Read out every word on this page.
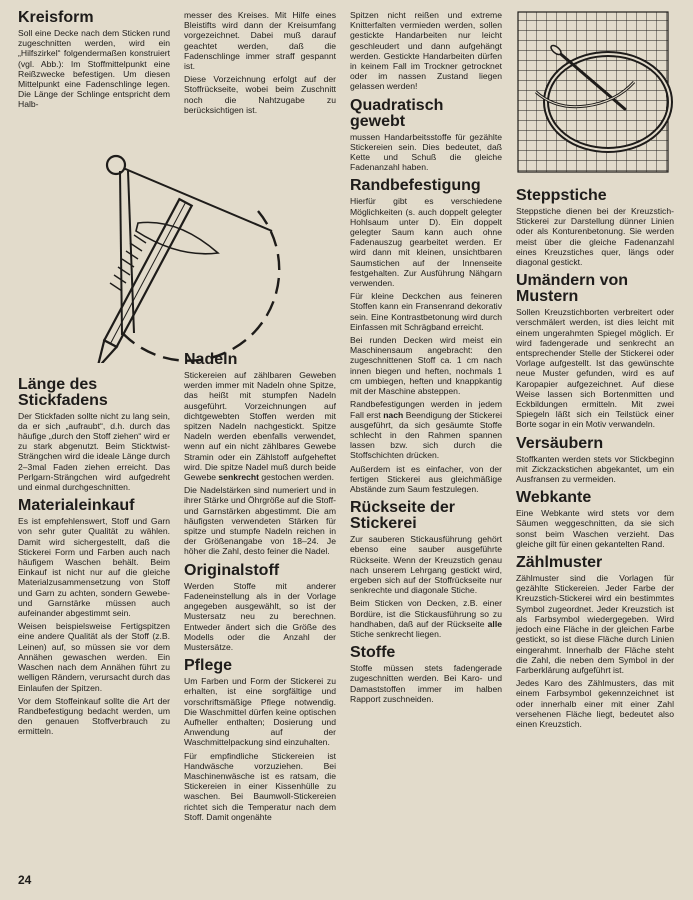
Kreisform

Soll eine Decke nach dem Sticken rund zugeschnitten werden, wird ein „Hilfszirkel“ folgendermaßen konstruiert (vgl. Abb.): Im Stoffmittelpunkt eine Reißzwecke befestigen. Um diesen Mittelpunkt eine Fadenschlinge legen. Die Länge der Schlinge entspricht dem Halb-

Länge des Stickfadens

Der Stickfaden sollte nicht zu lang sein, da er sich „aufraubt“, d.h. durch das häufige „durch den Stoff ziehen“ wird er zu stark abgenutzt. Beim Sticktwist-Strängchen wird die ideale Länge durch 2–3mal Faden ziehen erreicht. Das Perlgarn-Strängchen wird aufgedreht und einmal durchgeschnitten.

Materialeinkauf

Es ist empfehlenswert, Stoff und Garn von sehr guter Qualität zu wählen. Damit wird sichergestellt, daß die Stickerei Form und Farben auch nach häufigem Waschen behält. Beim Einkauf ist nicht nur auf die gleiche Materialzusammensetzung von Stoff und Garn zu achten, sondern Gewebe- und Garnstärke müssen auch aufeinander abgestimmt sein.

Weisen beispielsweise Fertigspitzen eine andere Qualität als der Stoff (z.B. Leinen) auf, so müssen sie vor dem Annähen gewaschen werden. Ein Waschen nach dem Annähen führt zu welligen Rändern, verursacht durch das Einlaufen der Spitzen.

Vor dem Stoffeinkauf sollte die Art der Randbefestigung bedacht werden, um den genauen Stoffverbrauch zu ermitteln.

messer des Kreises. Mit Hilfe eines Bleistifts wird dann der Kreisumfang vorgezeichnet. Dabei muß darauf geachtet werden, daß die Fadenschlinge immer straff gespannt ist.

Diese Vorzeichnung erfolgt auf der Stoffrückseite, wobei beim Zuschnitt noch die Nahtzugabe zu berücksichtigen ist.

Nadeln

Stickereien auf zählbaren Geweben werden immer mit Nadeln ohne Spitze, das heißt mit stumpfen Nadeln ausgeführt. Vorzeichnungen auf dichtgewebten Stoffen werden mit spitzen Nadeln nachgestickt. Spitze Nadeln werden ebenfalls verwendet, wenn auf ein nicht zählbares Gewebe Stramin oder ein Zählstoff aufgeheftet wird. Die spitze Nadel muß durch beide Gewebe senkrecht gestochen werden.

Die Nadelstärken sind numeriert und in ihrer Stärke und Öhrgröße auf die Stoff- und Garnstärken abgestimmt. Die am häufigsten verwendeten Stärken für spitze und stumpfe Nadeln reichen in der Größenangabe von 18–24. Je höher die Zahl, desto feiner die Nadel.

Originalstoff

Werden Stoffe mit anderer Fadeneinstellung als in der Vorlage angegeben ausgewählt, so ist der Mustersatz neu zu berechnen. Entweder ändert sich die Größe des Modells oder die Anzahl der Mustersätze.

Pflege

Um Farben und Form der Stickerei zu erhalten, ist eine sorgfältige und vorschriftsmäßige Pflege notwendig. Die Waschmittel dürfen keine optischen Aufheller enthalten; Dosierung und Anwendung auf der Waschmittelpackung sind einzuhalten.

Für empfindliche Stickereien ist Handwäsche vorzuziehen. Bei Maschinenwäsche ist es ratsam, die Stickereien in einer Kissenhülle zu waschen. Bei Baumwoll-Stickereien richtet sich die Temperatur nach dem Stoff. Damit ongenähte

Spitzen nicht reißen und extreme Knitterfalten vermieden werden, sollen gestickte Handarbeiten nur leicht geschleudert und dann aufgehängt werden. Gestickte Handarbeiten dürfen in keinem Fall im Trockner getrocknet oder im nassen Zustand liegen gelassen werden!

Quadratisch gewebt

mussen Handarbeitsstoffe für gezählte Stickereien sein. Dies bedeutet, daß Kette und Schuß die gleiche Fadenanzahl haben.

Randbefestigung

Hierfür gibt es verschiedene Möglichkeiten (s. auch doppelt gelegter Hohlsaum unter D). Ein doppelt gelegter Saum kann auch ohne Fadenauszug gearbeitet werden. Er wird dann mit kleinen, unsichtbaren Saumstichen auf der Innenseite festgehalten. Zur Ausführung Nähgarn verwenden.

Für kleine Deckchen aus feineren Stoffen kann ein Fransenrand dekorativ sein. Eine Kontrastbetonung wird durch Einfassen mit Schrägband erreicht.

Bei runden Decken wird meist ein Maschinensaum angebracht: den zugeschnittenen Stoff ca. 1 cm nach innen biegen und heften, nochmals 1 cm umbiegen, heften und knappkantig mit der Maschine absteppen.

Randbefestigungen werden in jedem Fall erst nach Beendigung der Stickerei ausgeführt, da sich gesäumte Stoffe schlecht in den Rahmen spannen lassen bzw. sich durch die Stoffschichten drücken.

Außerdem ist es einfacher, von der fertigen Stickerei aus gleichmäßige Abstände zum Saum festzulegen.

Rückseite der Stickerei

Zur sauberen Stickausführung gehört ebenso eine sauber ausgeführte Rückseite. Wenn der Kreuzstich genau nach unserem Lehrgang gestickt wird, ergeben sich auf der Stoffrückseite nur senkrechte und diagonale Stiche.

Beim Sticken von Decken, z.B. einer Bordüre, ist die Stickausführung so zu handhaben, daß auf der Rückseite alle Stiche senkrecht liegen.

Stoffe

Stoffe müssen stets fadengerade zugeschnitten werden. Bei Karo- und Damaststoffen immer im halben Rapport zuschneiden.

Steppstiche

Steppstiche dienen bei der Kreuzstich-Stickerei zur Darstellung dünner Linien oder als Konturenbetonung. Sie werden meist über die gleiche Fadenanzahl eines Kreuzstiches quer, längs oder diagonal gestickt.

Umändern von Mustern

Sollen Kreuzstichborten verbreitert oder verschmälert werden, ist dies leicht mit einem ungerahmten Spiegel möglich. Er wird fadengerade und senkrecht an entsprechender Stelle der Stickerei oder Vorlage aufgestellt. Ist das gewünschte neue Muster gefunden, wird es auf Karopapier aufgezeichnet. Auf diese Weise lassen sich Bortenmitten und Eckbildungen ermitteln. Mit zwei Spiegeln läßt sich ein Teilstück einer Borte sogar in ein Motiv verwandeln.

Versäubern

Stoffkanten werden stets vor Stickbeginn mit Zickzackstichen abgekantet, um ein Ausfransen zu vermeiden.

Webkante

Eine Webkante wird stets vor dem Säumen weggeschnitten, da sie sich sonst beim Waschen verzieht. Das gleiche gilt für einen gekantelten Rand.

Zählmuster

Zählmuster sind die Vorlagen für gezählte Stickereien. Jeder Farbe der Kreuzstich-Stickerei wird ein bestimmtes Symbol zugeordnet. Jeder Kreuzstich ist als Farbsymbol wiedergegeben. Wird jedoch eine Fläche in der gleichen Farbe gestickt, so ist diese Fläche durch Linien eingerahmt. Innerhalb der Fläche steht die Zahl, die neben dem Symbol in der Farberklärung aufgeführt ist.

Jedes Karo des Zählmusters, das mit einem Farbsymbol gekennzeichnet ist oder innerhalb einer mit einer Zahl versehenen Fläche liegt, bedeutet also einen Kreuzstich.

24
